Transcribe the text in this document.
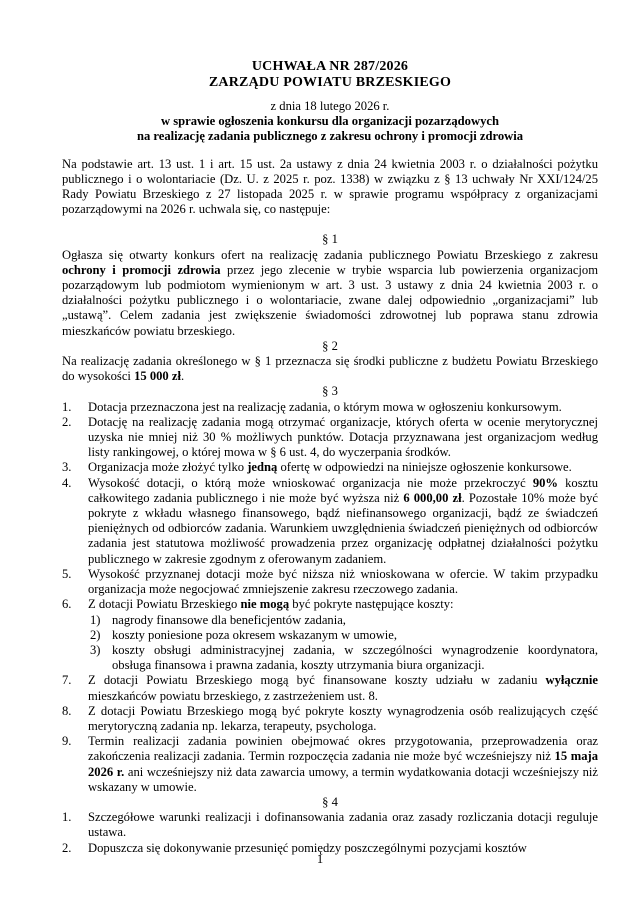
UCHWAŁA NR 287/2026
ZARZĄDU POWIATU BRZESKIEGO
z dnia 18 lutego 2026 r.
w sprawie ogłoszenia konkursu dla organizacji pozarządowych
na realizację zadania publicznego z zakresu ochrony i promocji zdrowia

Na podstawie art. 13 ust. 1 i art. 15 ust. 2a ustawy z dnia 24 kwietnia 2003 r. o działalności pożytku publicznego i o wolontariacie (Dz. U. z 2025 r. poz. 1338) w związku z § 13 uchwały Nr XXI/124/25 Rady Powiatu Brzeskiego z 27 listopada 2025 r. w sprawie programu współpracy z organizacjami pozarządowymi na 2026 r. uchwala się, co następuje:

§ 1

Ogłasza się otwarty konkurs ofert na realizację zadania publicznego Powiatu Brzeskiego z zakresu ochrony i promocji zdrowia przez jego zlecenie w trybie wsparcia lub powierzenia organizacjom pozarządowym lub podmiotom wymienionym w art. 3 ust. 3 ustawy z dnia 24 kwietnia 2003 r. o działalności pożytku publicznego i o wolontariacie, zwane dalej odpowiednio „organizacjami” lub „ustawą”. Celem zadania jest zwiększenie świadomości zdrowotnej lub poprawa stanu zdrowia mieszkańców powiatu brzeskiego.

§ 2

Na realizację zadania określonego w § 1 przeznacza się środki publiczne z budżetu Powiatu Brzeskiego do wysokości 15 000 zł.

§ 3
1. Dotacja przeznaczona jest na realizację zadania, o którym mowa w ogłoszeniu konkursowym.
2. Dotację na realizację zadania mogą otrzymać organizacje, których oferta w ocenie merytorycznej uzyska nie mniej niż 30 % możliwych punktów. Dotacja przyznawana jest organizacjom według listy rankingowej, o której mowa w § 6 ust. 4, do wyczerpania środków.
3. Organizacja może złożyć tylko jedną ofertę w odpowiedzi na niniejsze ogłoszenie konkursowe.
4. Wysokość dotacji, o którą może wnioskować organizacja nie może przekroczyć 90% kosztu całkowitego zadania publicznego i nie może być wyższa niż 6 000,00 zł. Pozostałe 10% może być pokryte z wkładu własnego finansowego, bądź niefinansowego organizacji, bądź ze świadczeń pieniężnych od odbiorców zadania. Warunkiem uwzględnienia świadczeń pieniężnych od odbiorców zadania jest statutowa możliwość prowadzenia przez organizację odpłatnej działalności pożytku publicznego w zakresie zgodnym z oferowanym zadaniem.
5. Wysokość przyznanej dotacji może być niższa niż wnioskowana w ofercie. W takim przypadku organizacja może negocjować zmniejszenie zakresu rzeczowego zadania.
6. Z dotacji Powiatu Brzeskiego nie mogą być pokryte następujące koszty:
1) nagrody finansowe dla beneficjentów zadania,
2) koszty poniesione poza okresem wskazanym w umowie,
3) koszty obsługi administracyjnej zadania, w szczególności wynagrodzenie koordynatora, obsługa finansowa i prawna zadania, koszty utrzymania biura organizacji.
7. Z dotacji Powiatu Brzeskiego mogą być finansowane koszty udziału w zadaniu wyłącznie mieszkańców powiatu brzeskiego, z zastrzeżeniem ust. 8.
8. Z dotacji Powiatu Brzeskiego mogą być pokryte koszty wynagrodzenia osób realizujących część merytoryczną zadania np. lekarza, terapeuty, psychologa.
9. Termin realizacji zadania powinien obejmować okres przygotowania, przeprowadzenia oraz zakończenia realizacji zadania. Termin rozpoczęcia zadania nie może być wcześniejszy niż 15 maja 2026 r. ani wcześniejszy niż data zawarcia umowy, a termin wydatkowania dotacji wcześniejszy niż wskazany w umowie.
§ 4
1. Szczegółowe warunki realizacji i dofinansowania zadania oraz zasady rozliczania dotacji reguluje ustawa.
2. Dopuszcza się dokonywanie przesunięć pomiędzy poszczególnymi pozycjami kosztów
1
